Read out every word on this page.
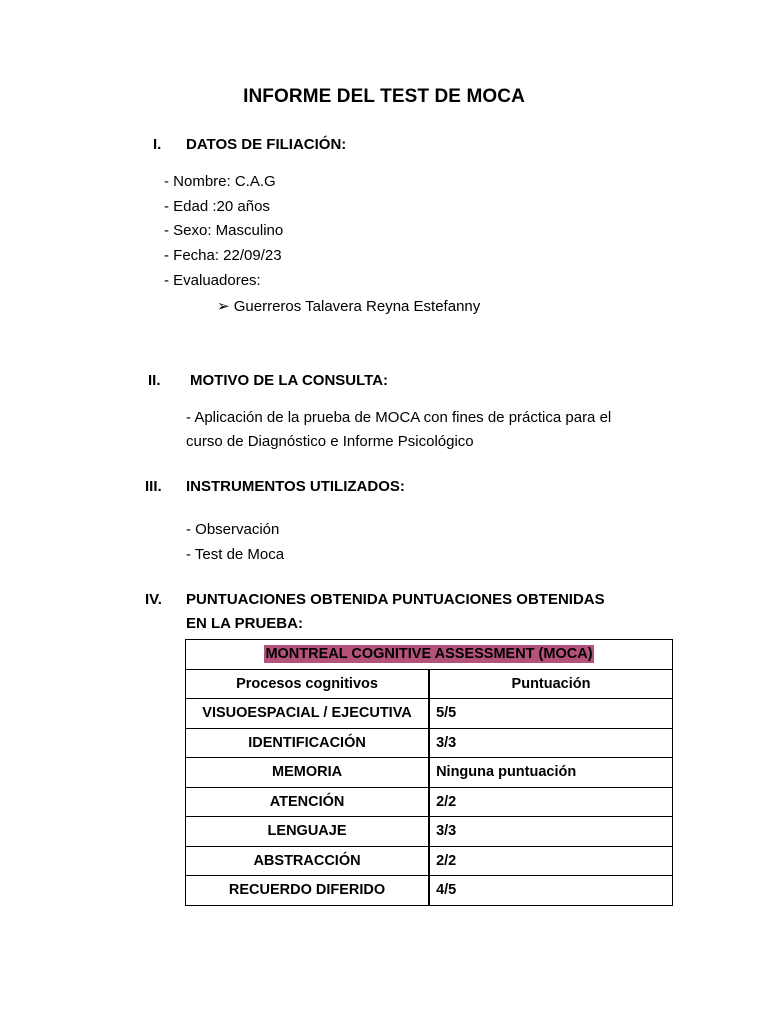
INFORME DEL TEST DE MOCA
I. DATOS DE FILIACIÓN:
- Nombre: C.A.G
- Edad :20 años
- Sexo: Masculino
- Fecha: 22/09/23
- Evaluadores:
➢ Guerreros Talavera Reyna Estefanny
II. MOTIVO DE LA CONSULTA:
- Aplicación de la prueba de MOCA con fines de práctica para el
curso de Diagnóstico e Informe Psicológico
III. INSTRUMENTOS UTILIZADOS:
- Observación
- Test de Moca
IV. PUNTUACIONES OBTENIDA PUNTUACIONES OBTENIDAS
EN LA PRUEBA:
MONTREAL COGNITIVE ASSESSMENT (MOCA)	
Procesos cognitivos	Puntuación
VISUOESPACIAL / EJECUTIVA	5/5
IDENTIFICACIÓN	3/3
MEMORIA	Ninguna puntuación
ATENCIÓN	2/2
LENGUAJE	3/3
ABSTRACCIÓN	2/2
RECUERDO DIFERIDO	4/5
